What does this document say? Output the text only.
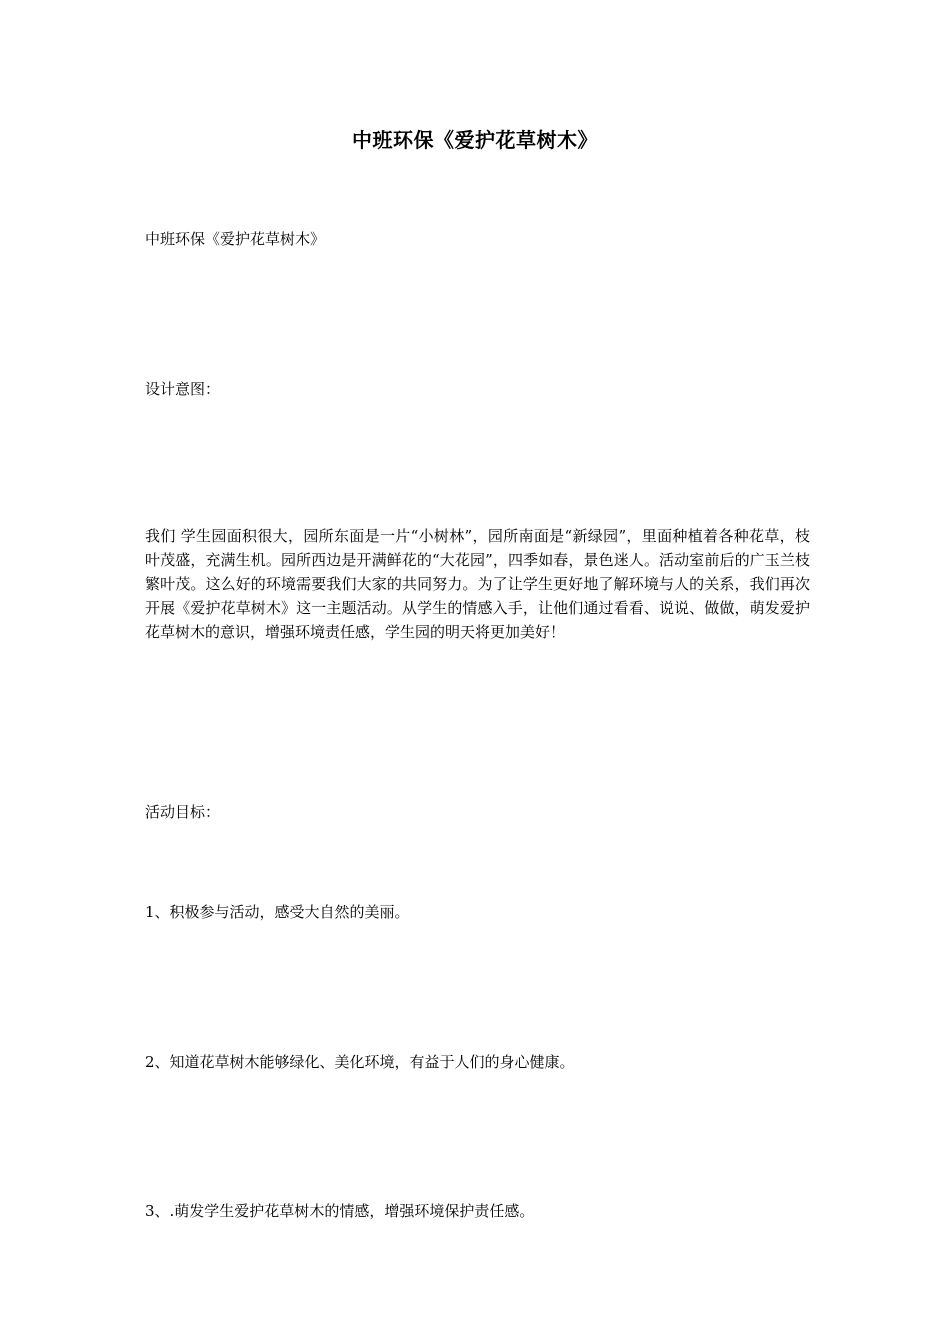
中班环保《爱护花草树木》
中班环保《爱护花草树木》
设计意图：
我们 学生园面积很大，园所东面是一片“小树林”，园所南面是“新绿园”，里面种植着各种花草，枝叶茂盛，充满生机。园所西边是开满鲜花的“大花园”，四季如春，景色迷人。活动室前后的广玉兰枝繁叶茂。这么好的环境需要我们大家的共同努力。为了让学生更好地了解环境与人的关系，我们再次开展《爱护花草树木》这一主题活动。从学生的情感入手，让他们通过看看、说说、做做，萌发爱护花草树木的意识，增强环境责任感，学生园的明天将更加美好！
活动目标：
1、积极参与活动，感受大自然的美丽。
2、知道花草树木能够绿化、美化环境，有益于人们的身心健康。
3、.萌发学生爱护花草树木的情感，增强环境保护责任感。
